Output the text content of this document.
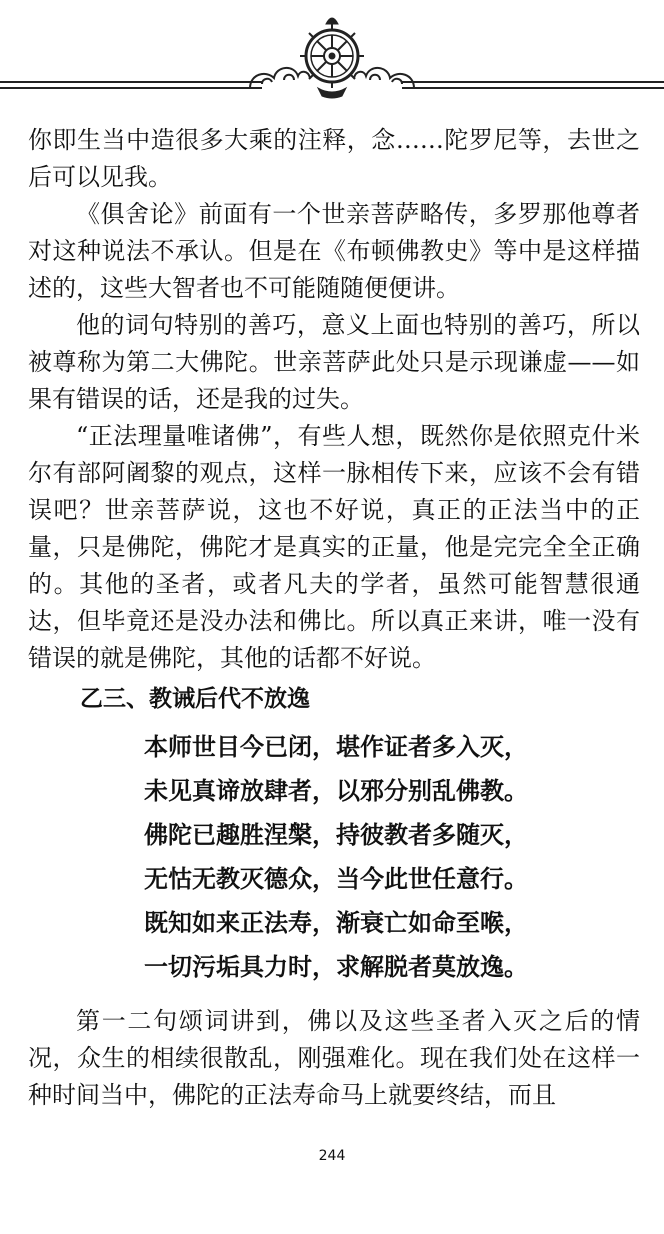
你即生当中造很多大乘的注释，念……陀罗尼等，去世之后可以见我。

《俱舍论》前面有一个世亲菩萨略传，多罗那他尊者对这种说法不承认。但是在《布顿佛教史》等中是这样描述的，这些大智者也不可能随随便便讲。

他的词句特别的善巧，意义上面也特别的善巧，所以被尊称为第二大佛陀。世亲菩萨此处只是示现谦虚——如果有错误的话，还是我的过失。

“正法理量唯诸佛”，有些人想，既然你是依照克什米尔有部阿阇黎的观点，这样一脉相传下来，应该不会有错误吧？世亲菩萨说，这也不好说，真正的正法当中的正量，只是佛陀，佛陀才是真实的正量，他是完完全全正确的。其他的圣者，或者凡夫的学者，虽然可能智慧很通达，但毕竟还是没办法和佛比。所以真正来讲，唯一没有错误的就是佛陀，其他的话都不好说。

乙三、教诫后代不放逸

本师世目今已闭，堪作证者多入灭，

未见真谛放肆者，以邪分别乱佛教。

佛陀已趣胜涅槃，持彼教者多随灭，

无怙无教灭德众，当今此世任意行。

既知如来正法寿，渐衰亡如命至喉，

一切污垢具力时，求解脱者莫放逸。

第一二句颂词讲到，佛以及这些圣者入灭之后的情况，众生的相续很散乱，刚强难化。现在我们处在这样一种时间当中，佛陀的正法寿命马上就要终结，而且

244
